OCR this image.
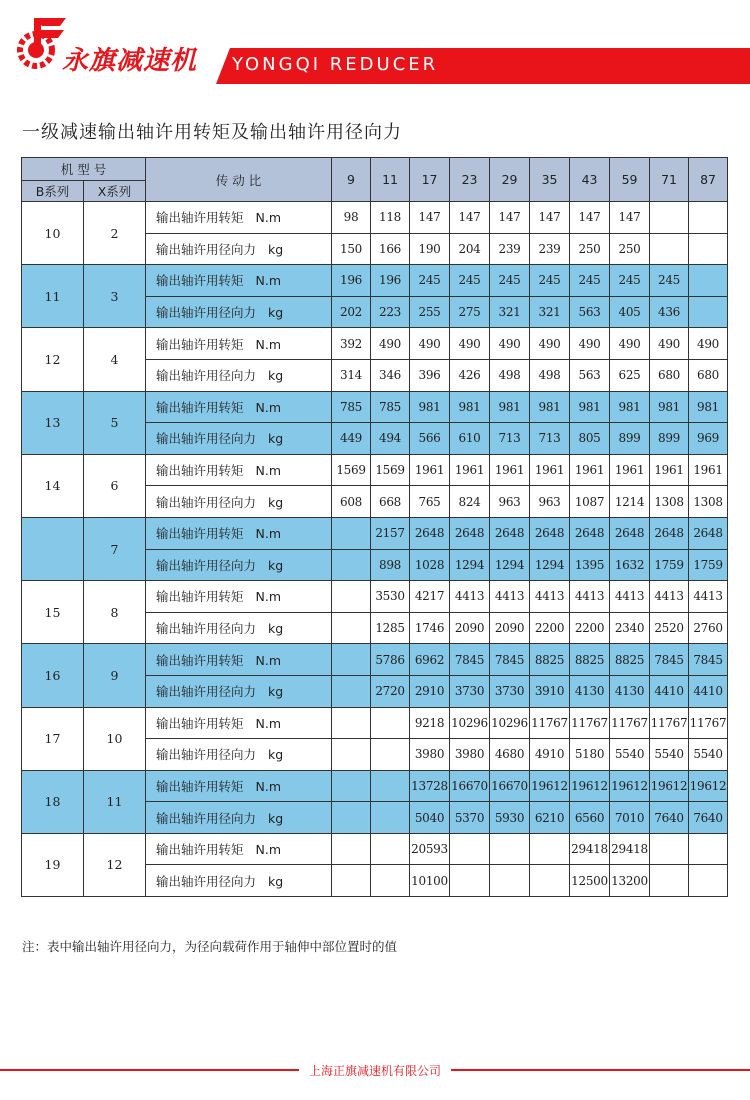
永旗减速机 YONGQI REDUCER
一级减速输出轴许用转矩及输出轴许用径向力
机 型 号		传 动 比	9	11	17	23	29	35	43	59	71	87
B系列	X系列											
10	2	输出轴许用转矩 N.m	98	118	147	147	147	147	147	147		
		输出轴许用径向力 kg	150	166	190	204	239	239	250	250		
11	3	输出轴许用转矩 N.m	196	196	245	245	245	245	245	245	245	
		输出轴许用径向力 kg	202	223	255	275	321	321	563	405	436	
12	4	输出轴许用转矩 N.m	392	490	490	490	490	490	490	490	490	490
		输出轴许用径向力 kg	314	346	396	426	498	498	563	625	680	680
13	5	输出轴许用转矩 N.m	785	785	981	981	981	981	981	981	981	981
		输出轴许用径向力 kg	449	494	566	610	713	713	805	899	899	969
14	6	输出轴许用转矩 N.m	1569	1569	1961	1961	1961	1961	1961	1961	1961	1961
		输出轴许用径向力 kg	608	668	765	824	963	963	1087	1214	1308	1308
	7	输出轴许用转矩 N.m		2157	2648	2648	2648	2648	2648	2648	2648	2648
		输出轴许用径向力 kg		898	1028	1294	1294	1294	1395	1632	1759	1759
15	8	输出轴许用转矩 N.m		3530	4217	4413	4413	4413	4413	4413	4413	4413
		输出轴许用径向力 kg		1285	1746	2090	2090	2200	2200	2340	2520	2760
16	9	输出轴许用转矩 N.m		5786	6962	7845	7845	8825	8825	8825	7845	7845
		输出轴许用径向力 kg		2720	2910	3730	3730	3910	4130	4130	4410	4410
17	10	输出轴许用转矩 N.m			9218	10296	10296	11767	11767	11767	11767	11767
		输出轴许用径向力 kg			3980	3980	4680	4910	5180	5540	5540	5540
18	11	输出轴许用转矩 N.m			13728	16670	16670	19612	19612	19612	19612	19612
		输出轴许用径向力 kg			5040	5370	5930	6210	6560	7010	7640	7640
19	12	输出轴许用转矩 N.m			20593				29418	29418		
		输出轴许用径向力 kg			10100				12500	13200		
注：表中输出轴许用径向力，为径向载荷作用于轴伸中部位置时的值
上海正旗减速机有限公司
